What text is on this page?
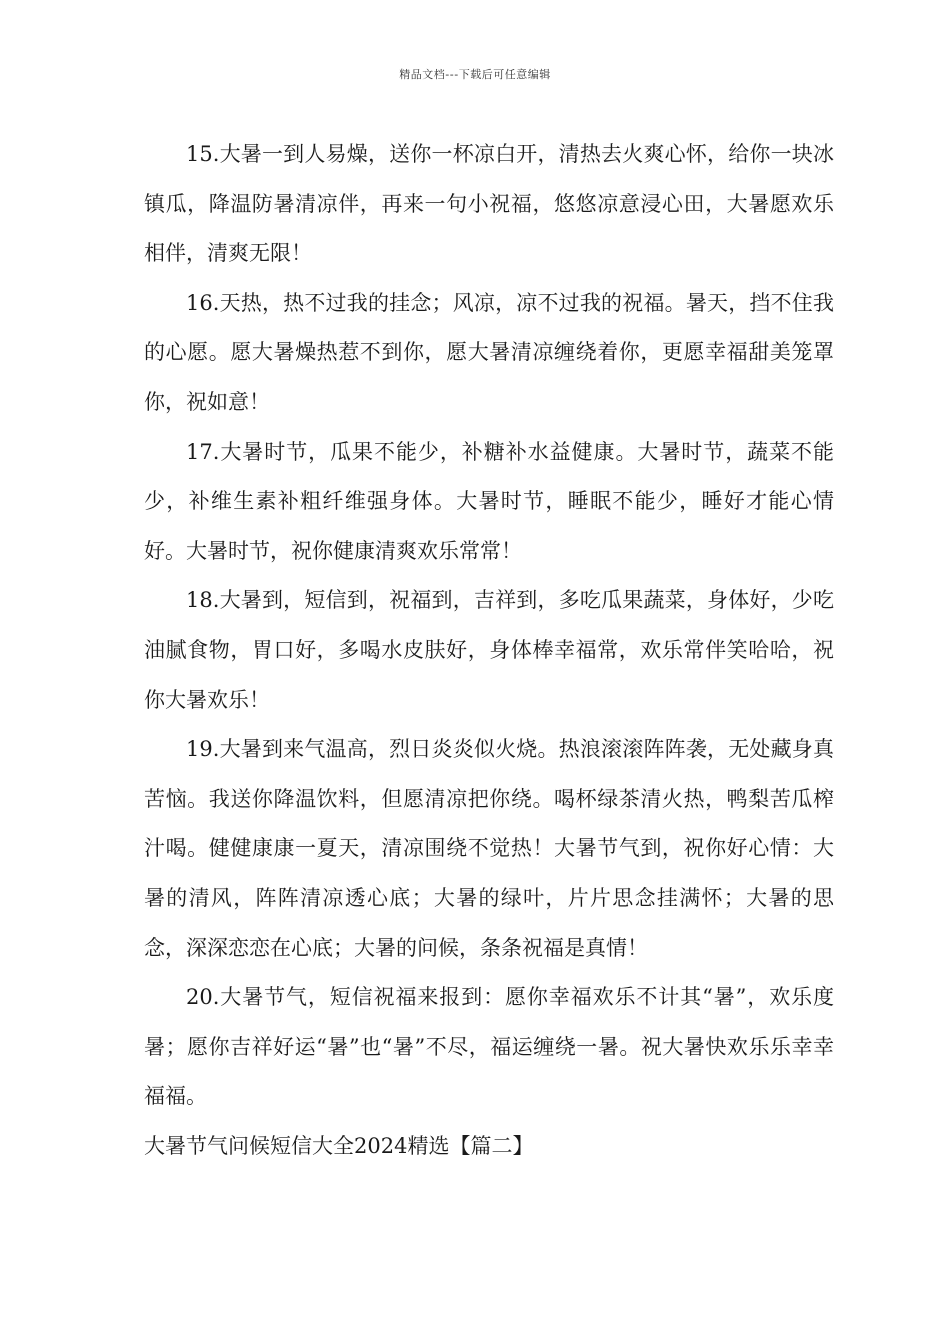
精品文档---下载后可任意编辑

15.大暑一到人易燥，送你一杯凉白开，清热去火爽心怀，给你一块冰镇瓜，降温防暑清凉伴，再来一句小祝福，悠悠凉意浸心田，大暑愿欢乐相伴，清爽无限！

16.天热，热不过我的挂念；风凉，凉不过我的祝福。暑天，挡不住我的心愿。愿大暑燥热惹不到你，愿大暑清凉缠绕着你，更愿幸福甜美笼罩你，祝如意！

17.大暑时节，瓜果不能少，补糖补水益健康。大暑时节，蔬菜不能少，补维生素补粗纤维强身体。大暑时节，睡眠不能少，睡好才能心情好。大暑时节，祝你健康清爽欢乐常常！

18.大暑到，短信到，祝福到，吉祥到，多吃瓜果蔬菜，身体好，少吃油腻食物，胃口好，多喝水皮肤好，身体棒幸福常，欢乐常伴笑哈哈，祝你大暑欢乐！

19.大暑到来气温高，烈日炎炎似火烧。热浪滚滚阵阵袭，无处藏身真苦恼。我送你降温饮料，但愿清凉把你绕。喝杯绿茶清火热，鸭梨苦瓜榨汁喝。健健康康一夏天，清凉围绕不觉热！大暑节气到，祝你好心情：大暑的清风，阵阵清凉透心底；大暑的绿叶，片片思念挂满怀；大暑的思念，深深恋恋在心底；大暑的问候，条条祝福是真情！

20.大暑节气，短信祝福来报到：愿你幸福欢乐不计其“暑”，欢乐度暑；愿你吉祥好运“暑”也“暑”不尽，福运缠绕一暑。祝大暑快欢乐乐幸幸福福。

大暑节气问候短信大全2024精选【篇二】
